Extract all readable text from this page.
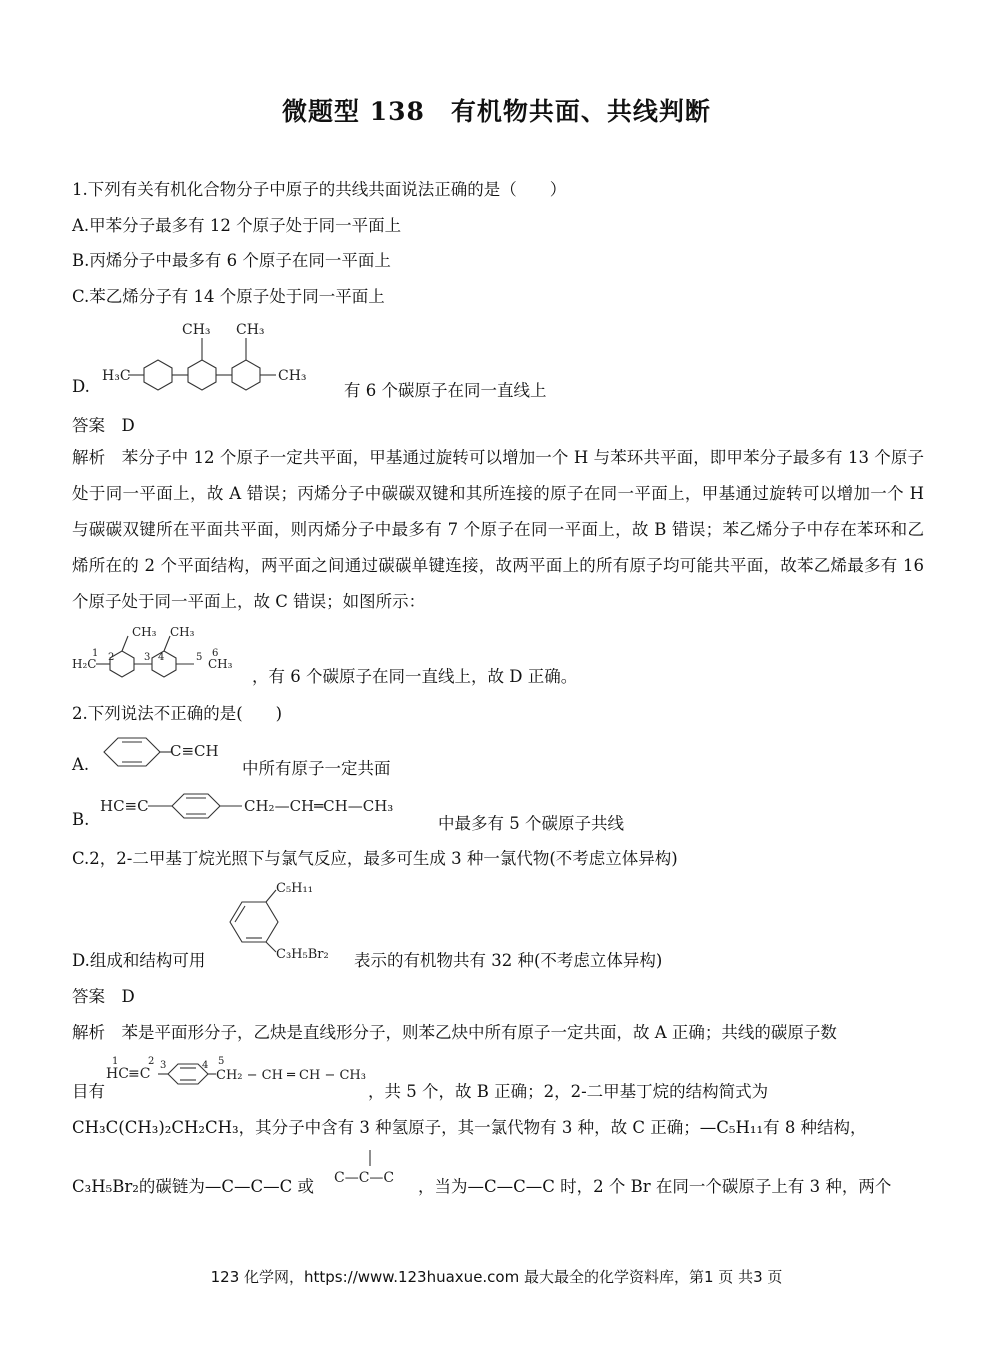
微题型 138　有机物共面、共线判断
1.下列有关有机化合物分子中原子的共线共面说法正确的是（　　）
A.甲苯分子最多有 12 个原子处于同一平面上
B.丙烯分子中最多有 6 个原子在同一平面上
C.苯乙烯分子有 14 个原子处于同一平面上
D.
H₃C
CH₃ CH₃
CH₃
有 6 个碳原子在同一直线上
答案　D
解析　苯分子中 12 个原子一定共平面，甲基通过旋转可以增加一个 H 与苯环共平面，即甲苯分子最多有 13 个原子处于同一平面上，故 A 错误；丙烯分子中碳碳双键和其所连接的原子在同一平面上，甲基通过旋转可以增加一个 H 与碳碳双键所在平面共平面，则丙烯分子中最多有 7 个原子在同一平面上，故 B 错误；苯乙烯分子中存在苯环和乙烯所在的 2 个平面结构，两平面之间通过碳碳单键连接，故两平面上的所有原子均可能共平面，故苯乙烯最多有 16 个原子处于同一平面上，故 C 错误；如图所示：
H₂C
1 2	3 4	5 6
CH₃
CH₃ CH₃
，有 6 个碳原子在同一直线上，故 D 正确。
2.下列说法不正确的是(　　)
A.
C≡CH
中所有原子一定共面
B.
HC≡C	CH₂—CH═CH—CH₃
中最多有 5 个碳原子共线
C.2，2-二甲基丁烷光照下与氯气反应，最多可生成 3 种一氯代物(不考虑立体异构)
D.组成和结构可用
C₅H₁₁
C₃H₅Br₂ 表示的有机物共有 32 种(不考虑立体异构)
答案　D
解析　苯是平面形分子，乙炔是直线形分子，则苯乙炔中所有原子一定共面，故 A 正确；共线的碳原子数
目有
1	2 3
HC ≡C
4 5
CH₂ − CH ═ CH − CH₃
，共 5 个，故 B 正确；2，2-二甲基丁烷的结构简式为
CH₃C(CH₃)₂CH₂CH₃，其分子中含有 3 种氢原子，其一氯代物有 3 种，故 C 正确；—C₅H₁₁有 8 种结构，
C₃H₅Br₂的碳链为—C—C—C 或 C—C—C ，当为—C—C—C 时，2 个 Br 在同一个碳原子上有 3 种，两个
123 化学网，https://www.123huaxue.com 最大最全的化学资料库，第1 页 共3 页
